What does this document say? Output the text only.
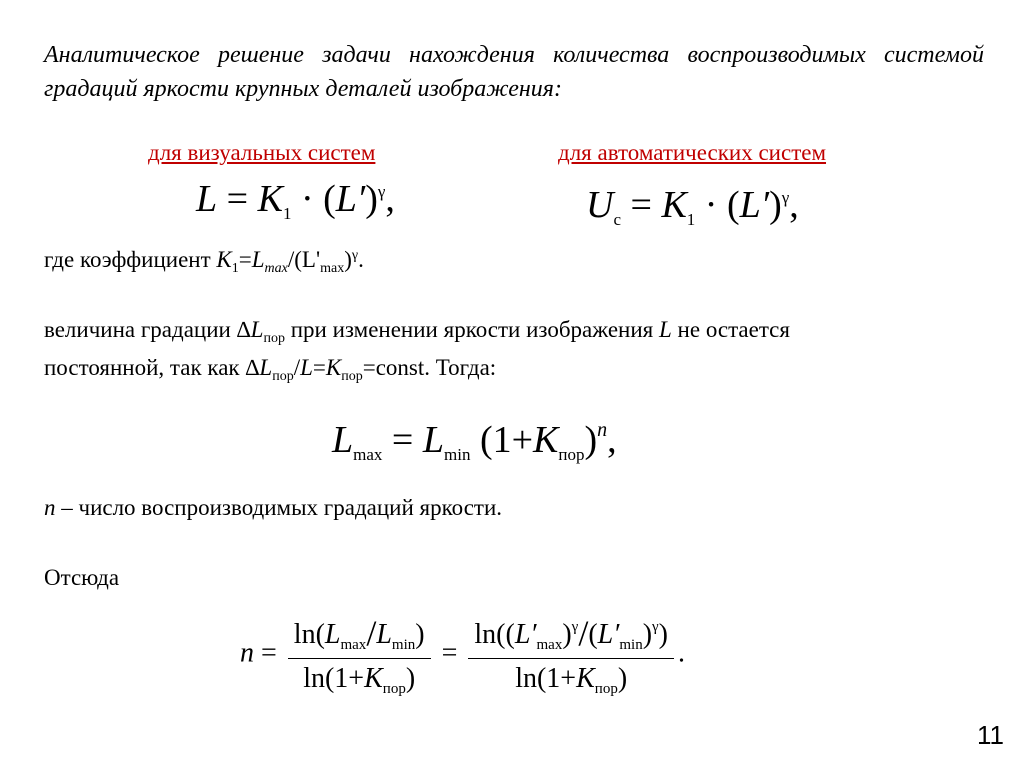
Аналитическое решение задачи нахождения количества воспроизводимых системой градаций яркости крупных деталей изображения:
для визуальных систем	для автоматических систем
$L = K_1 \cdot (L')^\gamma$,	$U_с = K_1 \cdot (L')^\gamma$,
где коэффициент $K_1=L_{max}/(L'_{max})^\gamma$.
величина градации $\Delta L_{пор}$ при изменении яркости изображения L не остается
постоянной, так как $\Delta L_{пор}/L=K_{пор}=const$. Тогда:
$L_{max} = L_{min}$ $(1+K_{пор})^n$,
n – число воспроизводимых градаций яркости.
Отсюда
$n = \frac{\ln(L_{max}/L_{min})}{\ln(1+K_{пор})} = \frac{\ln((L'_{max})^\gamma/(L'_{min})^\gamma)}{\ln(1+K_{пор})}$ .
11
